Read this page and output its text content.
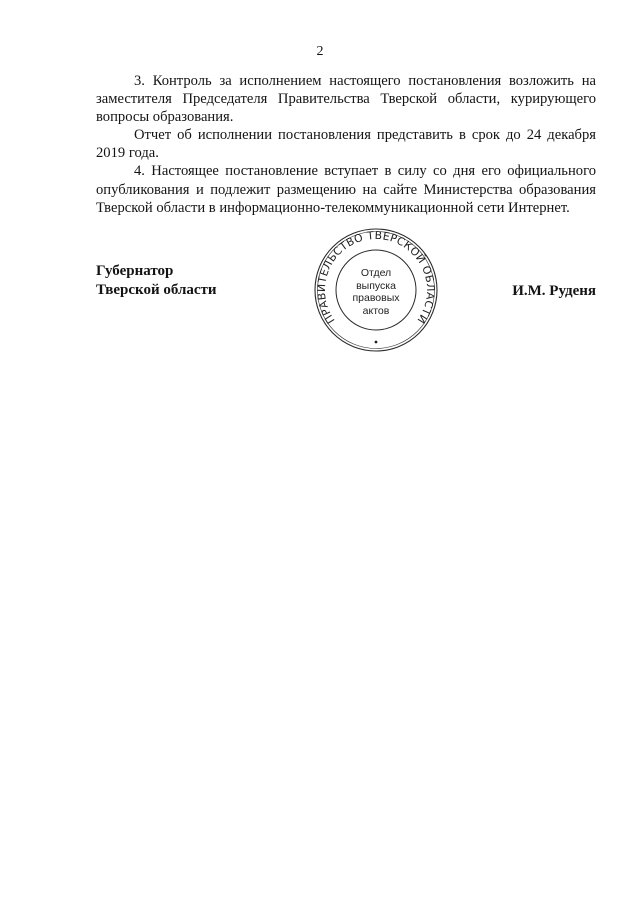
2

3. Контроль за исполнением настоящего постановления возложить на заместителя Председателя Правительства Тверской области, курирующего вопросы образования.

Отчет об исполнении постановления представить в срок до 24 декабря 2019 года.

4. Настоящее постановление вступает в силу со дня его официального опубликования и подлежит размещению на сайте Министерства образования Тверской области в информационно-телекоммуникационной сети Интернет.

Губернатор
Тверской области	И.М. Руденя
ПРАВИТЕЛЬСТВО ТВЕРСКОЙ ОБЛАСТИ
Отдел
выпуска
правовых
актов
